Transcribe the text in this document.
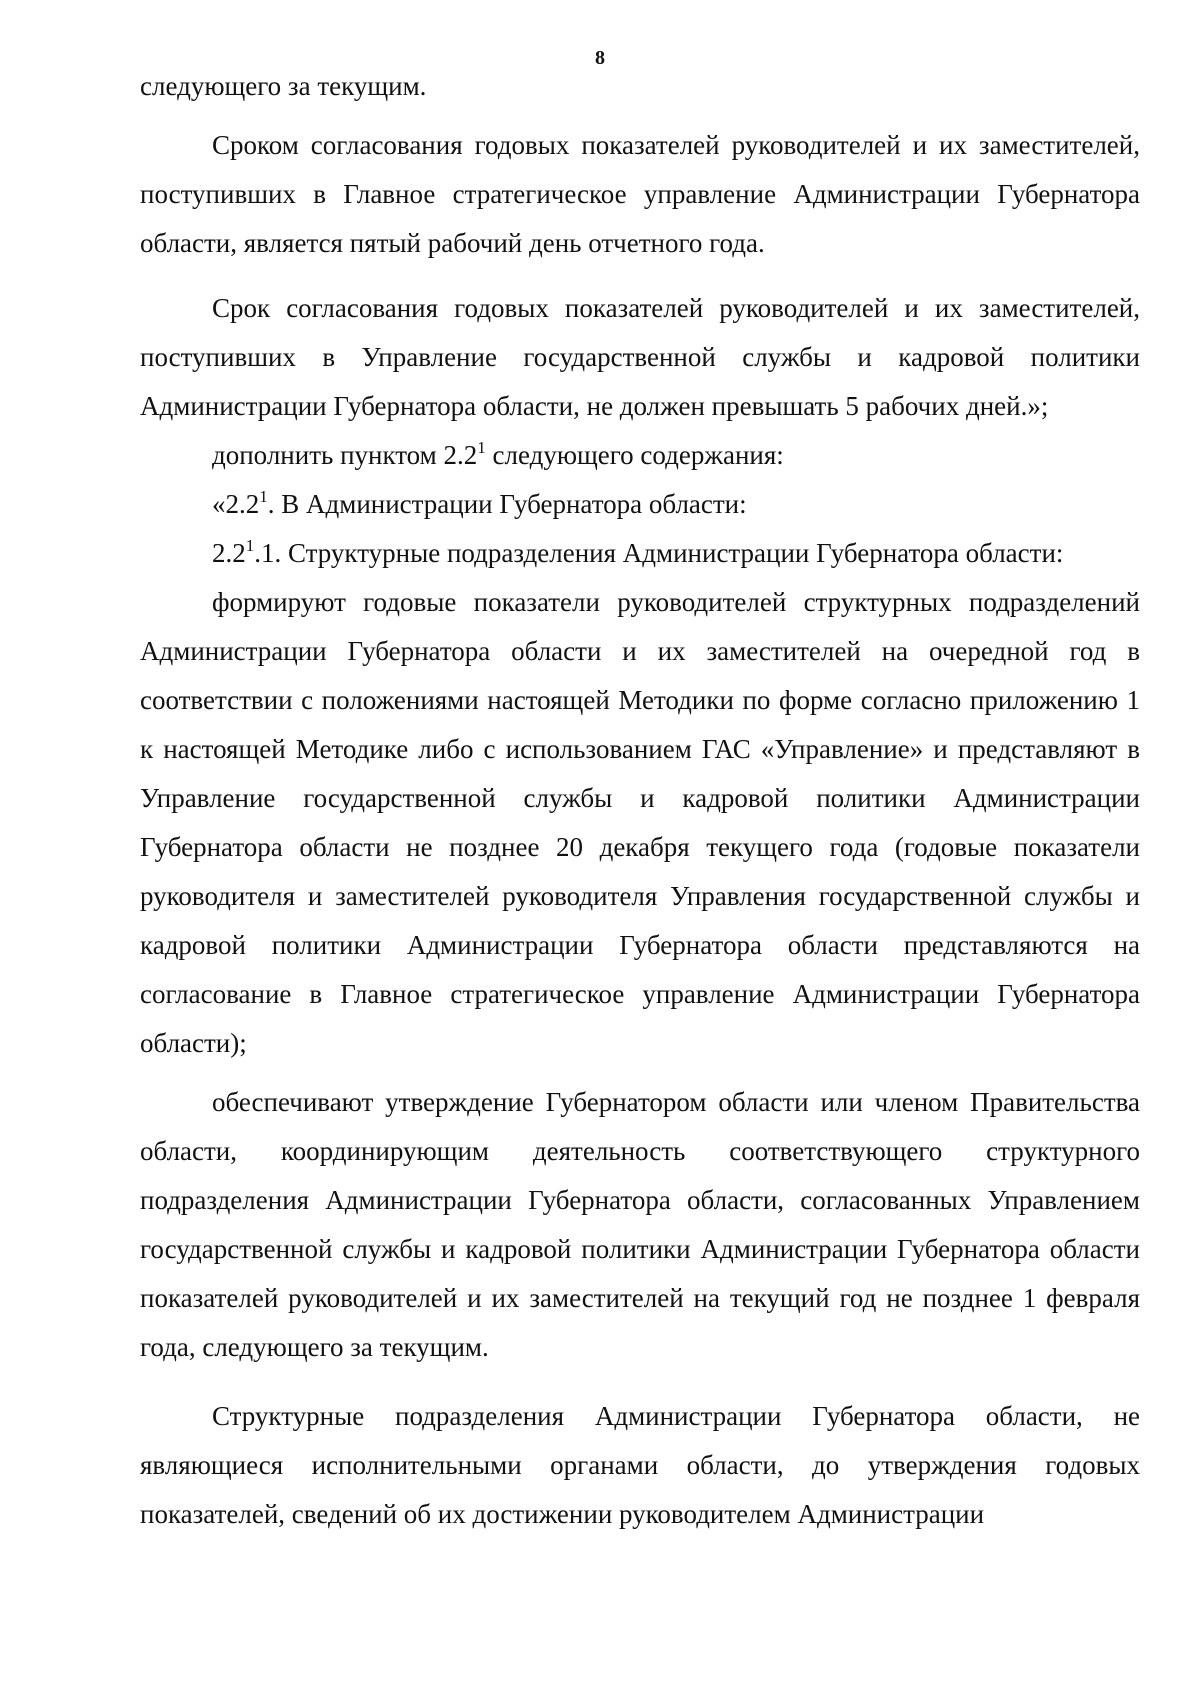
8

следующего за текущим.

Сроком согласования годовых показателей руководителей и их заместителей, поступивших в Главное стратегическое управление Администрации Губернатора области, является пятый рабочий день отчетного года.

Срок согласования годовых показателей руководителей и их заместителей, поступивших в Управление государственной службы и кадровой политики Администрации Губернатора области, не должен превышать 5 рабочих дней.»;

дополнить пунктом $2.2^1$ следующего содержания:

«$2.2^1$. В Администрации Губернатора области:

$2.2^1.1$. Структурные подразделения Администрации Губернатора области:

формируют годовые показатели руководителей структурных подразделений Администрации Губернатора области и их заместителей на очередной год в соответствии с положениями настоящей Методики по форме согласно приложению 1 к настоящей Методике либо с использованием ГАС «Управление» и представляют в Управление государственной службы и кадровой политики Администрации Губернатора области не позднее 20 декабря текущего года (годовые показатели руководителя и заместителей руководителя Управления государственной службы и кадровой политики Администрации Губернатора области представляются на согласование в Главное стратегическое управление Администрации Губернатора области);

обеспечивают утверждение Губернатором области или членом Правительства области, координирующим деятельность соответствующего структурного подразделения Администрации Губернатора области, согласованных Управлением государственной службы и кадровой политики Администрации Губернатора области показателей руководителей и их заместителей на текущий год не позднее 1 февраля года, следующего за текущим.

Структурные подразделения Администрации Губернатора области, не являющиеся исполнительными органами области, до утверждения годовых показателей, сведений об их достижении руководителем Администрации
